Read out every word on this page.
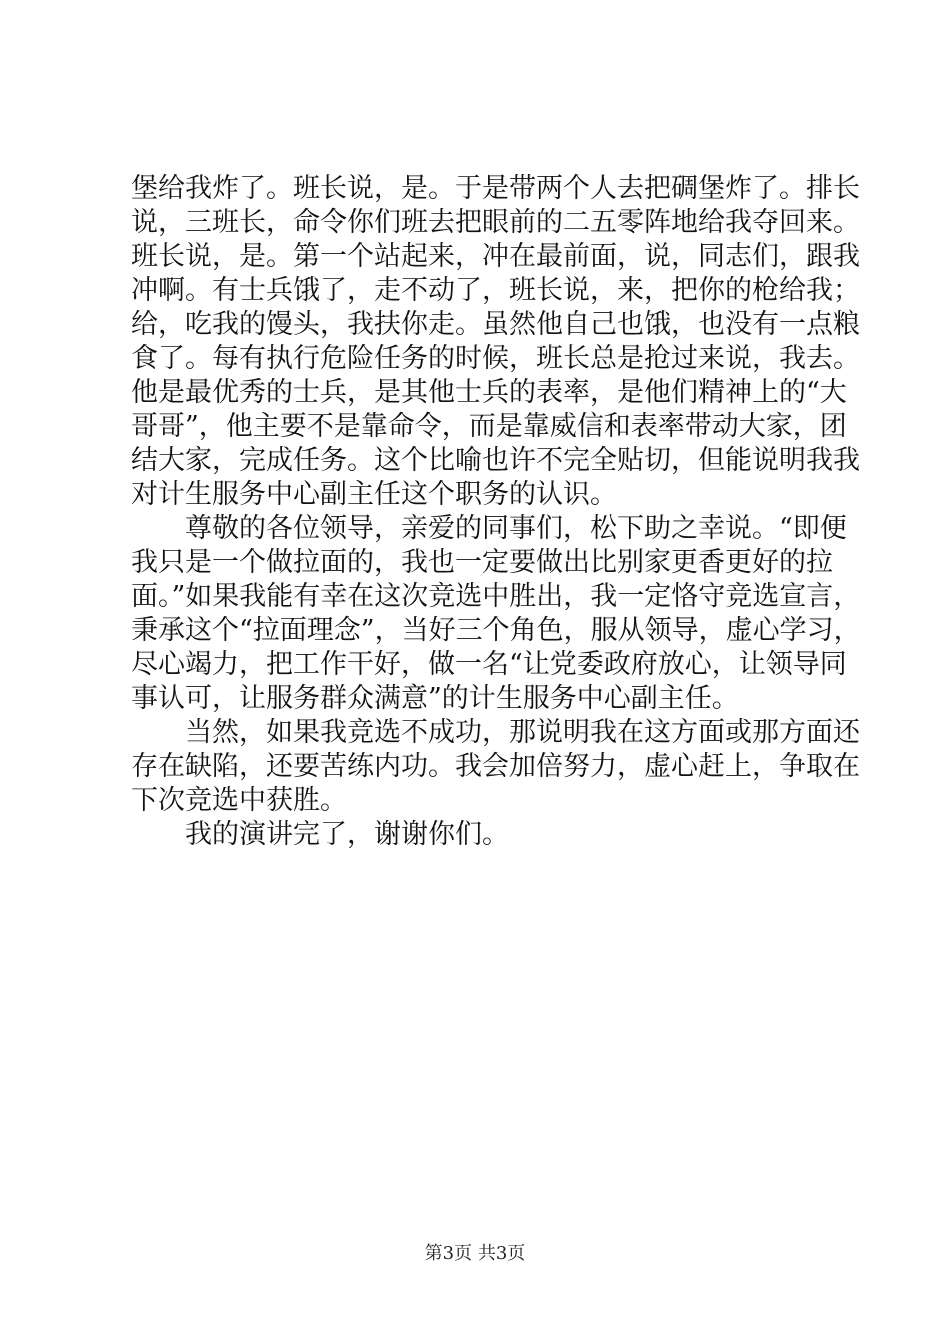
堡给我炸了。班长说，是。于是带两个人去把碉堡炸了。排长
说，三班长，命令你们班去把眼前的二五零阵地给我夺回来。
班长说，是。第一个站起来，冲在最前面，说，同志们，跟我
冲啊。有士兵饿了，走不动了，班长说，来，把你的枪给我；
给，吃我的馒头，我扶你走。虽然他自己也饿，也没有一点粮
食了。每有执行危险任务的时候，班长总是抢过来说，我去。
他是最优秀的士兵，是其他士兵的表率，是他们精神上的“大
哥哥”，他主要不是靠命令，而是靠威信和表率带动大家，团
结大家，完成任务。这个比喻也许不完全贴切，但能说明我我
对计生服务中心副主任这个职务的认识。
尊敬的各位领导，亲爱的同事们，松下助之幸说。“即便
我只是一个做拉面的，我也一定要做出比别家更香更好的拉
面。”如果我能有幸在这次竞选中胜出，我一定恪守竞选宣言，
秉承这个“拉面理念”，当好三个角色，服从领导，虚心学习，
尽心竭力，把工作干好，做一名“让党委政府放心，让领导同
事认可，让服务群众满意”的计生服务中心副主任。
当然，如果我竞选不成功，那说明我在这方面或那方面还
存在缺陷，还要苦练内功。我会加倍努力，虚心赶上，争取在
下次竞选中获胜。
我的演讲完了，谢谢你们。
第3页 共3页
